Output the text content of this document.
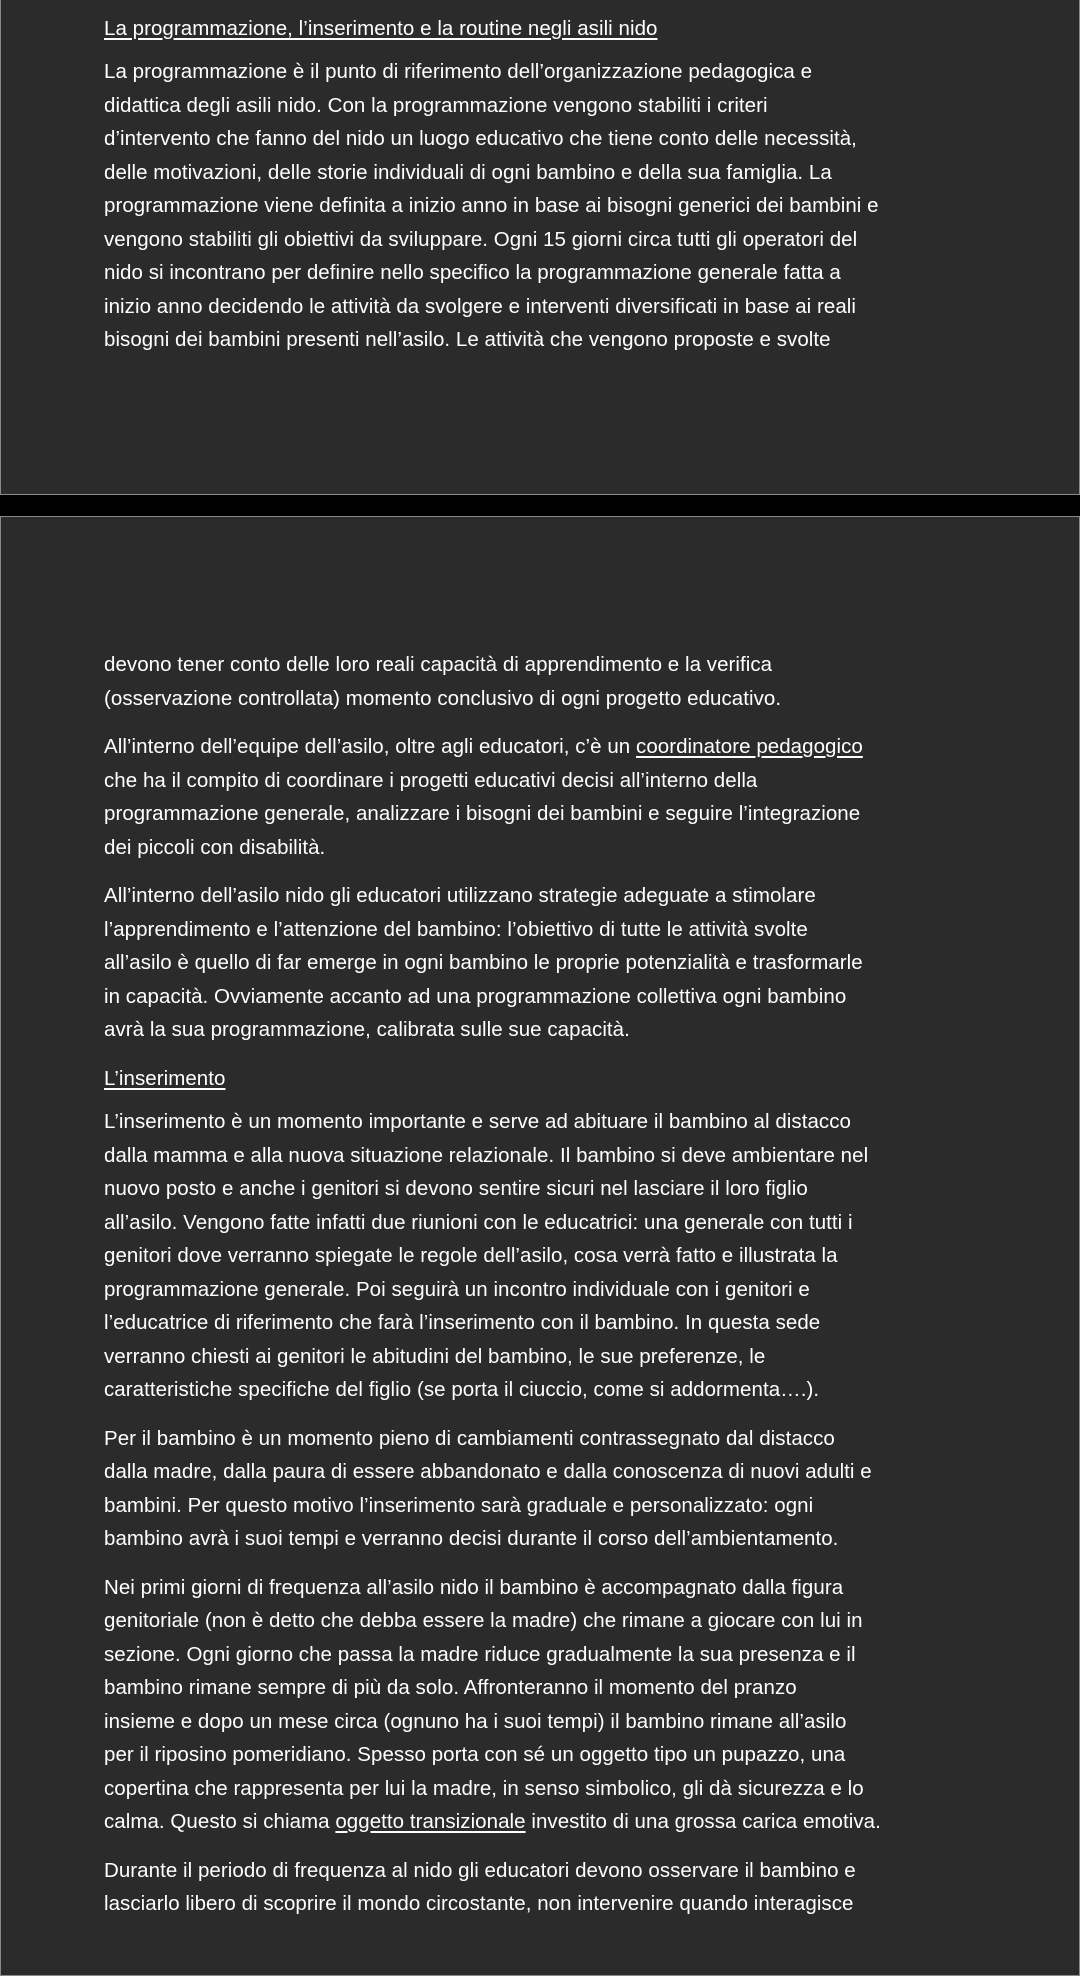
La programmazione, l’inserimento e la routine negli asili nido

La programmazione è il punto di riferimento dell’organizzazione pedagogica e
didattica degli asili nido. Con la programmazione vengono stabiliti i criteri
d’intervento che fanno del nido un luogo educativo che tiene conto delle necessità,
delle motivazioni, delle storie individuali di ogni bambino e della sua famiglia. La
programmazione viene definita a inizio anno in base ai bisogni generici dei bambini e
vengono stabiliti gli obiettivi da sviluppare. Ogni 15 giorni circa tutti gli operatori del
nido si incontrano per definire nello specifico la programmazione generale fatta a
inizio anno decidendo le attività da svolgere e interventi diversificati in base ai reali
bisogni dei bambini presenti nell’asilo. Le attività che vengono proposte e svolte

devono tener conto delle loro reali capacità di apprendimento e la verifica
(osservazione controllata) momento conclusivo di ogni progetto educativo.

All’interno dell’equipe dell’asilo, oltre agli educatori, c’è un coordinatore pedagogico
che ha il compito di coordinare i progetti educativi decisi all’interno della
programmazione generale, analizzare i bisogni dei bambini e seguire l’integrazione
dei piccoli con disabilità.

All’interno dell’asilo nido gli educatori utilizzano strategie adeguate a stimolare
l’apprendimento e l’attenzione del bambino: l’obiettivo di tutte le attività svolte
all’asilo è quello di far emerge in ogni bambino le proprie potenzialità e trasformarle
in capacità. Ovviamente accanto ad una programmazione collettiva ogni bambino
avrà la sua programmazione, calibrata sulle sue capacità.

L’inserimento

L’inserimento è un momento importante e serve ad abituare il bambino al distacco
dalla mamma e alla nuova situazione relazionale. Il bambino si deve ambientare nel
nuovo posto e anche i genitori si devono sentire sicuri nel lasciare il loro figlio
all’asilo. Vengono fatte infatti due riunioni con le educatrici: una generale con tutti i
genitori dove verranno spiegate le regole dell’asilo, cosa verrà fatto e illustrata la
programmazione generale. Poi seguirà un incontro individuale con i genitori e
l’educatrice di riferimento che farà l’inserimento con il bambino. In questa sede
verranno chiesti ai genitori le abitudini del bambino, le sue preferenze, le
caratteristiche specifiche del figlio (se porta il ciuccio, come si addormenta….).

Per il bambino è un momento pieno di cambiamenti contrassegnato dal distacco
dalla madre, dalla paura di essere abbandonato e dalla conoscenza di nuovi adulti e
bambini. Per questo motivo l’inserimento sarà graduale e personalizzato: ogni
bambino avrà i suoi tempi e verranno decisi durante il corso dell’ambientamento.

Nei primi giorni di frequenza all’asilo nido il bambino è accompagnato dalla figura
genitoriale (non è detto che debba essere la madre) che rimane a giocare con lui in
sezione. Ogni giorno che passa la madre riduce gradualmente la sua presenza e il
bambino rimane sempre di più da solo. Affronteranno il momento del pranzo
insieme e dopo un mese circa (ognuno ha i suoi tempi) il bambino rimane all’asilo
per il riposino pomeridiano. Spesso porta con sé un oggetto tipo un pupazzo, una
copertina che rappresenta per lui la madre, in senso simbolico, gli dà sicurezza e lo
calma. Questo si chiama oggetto transizionale investito di una grossa carica emotiva.

Durante il periodo di frequenza al nido gli educatori devono osservare il bambino e
lasciarlo libero di scoprire il mondo circostante, non intervenire quando interagisce
